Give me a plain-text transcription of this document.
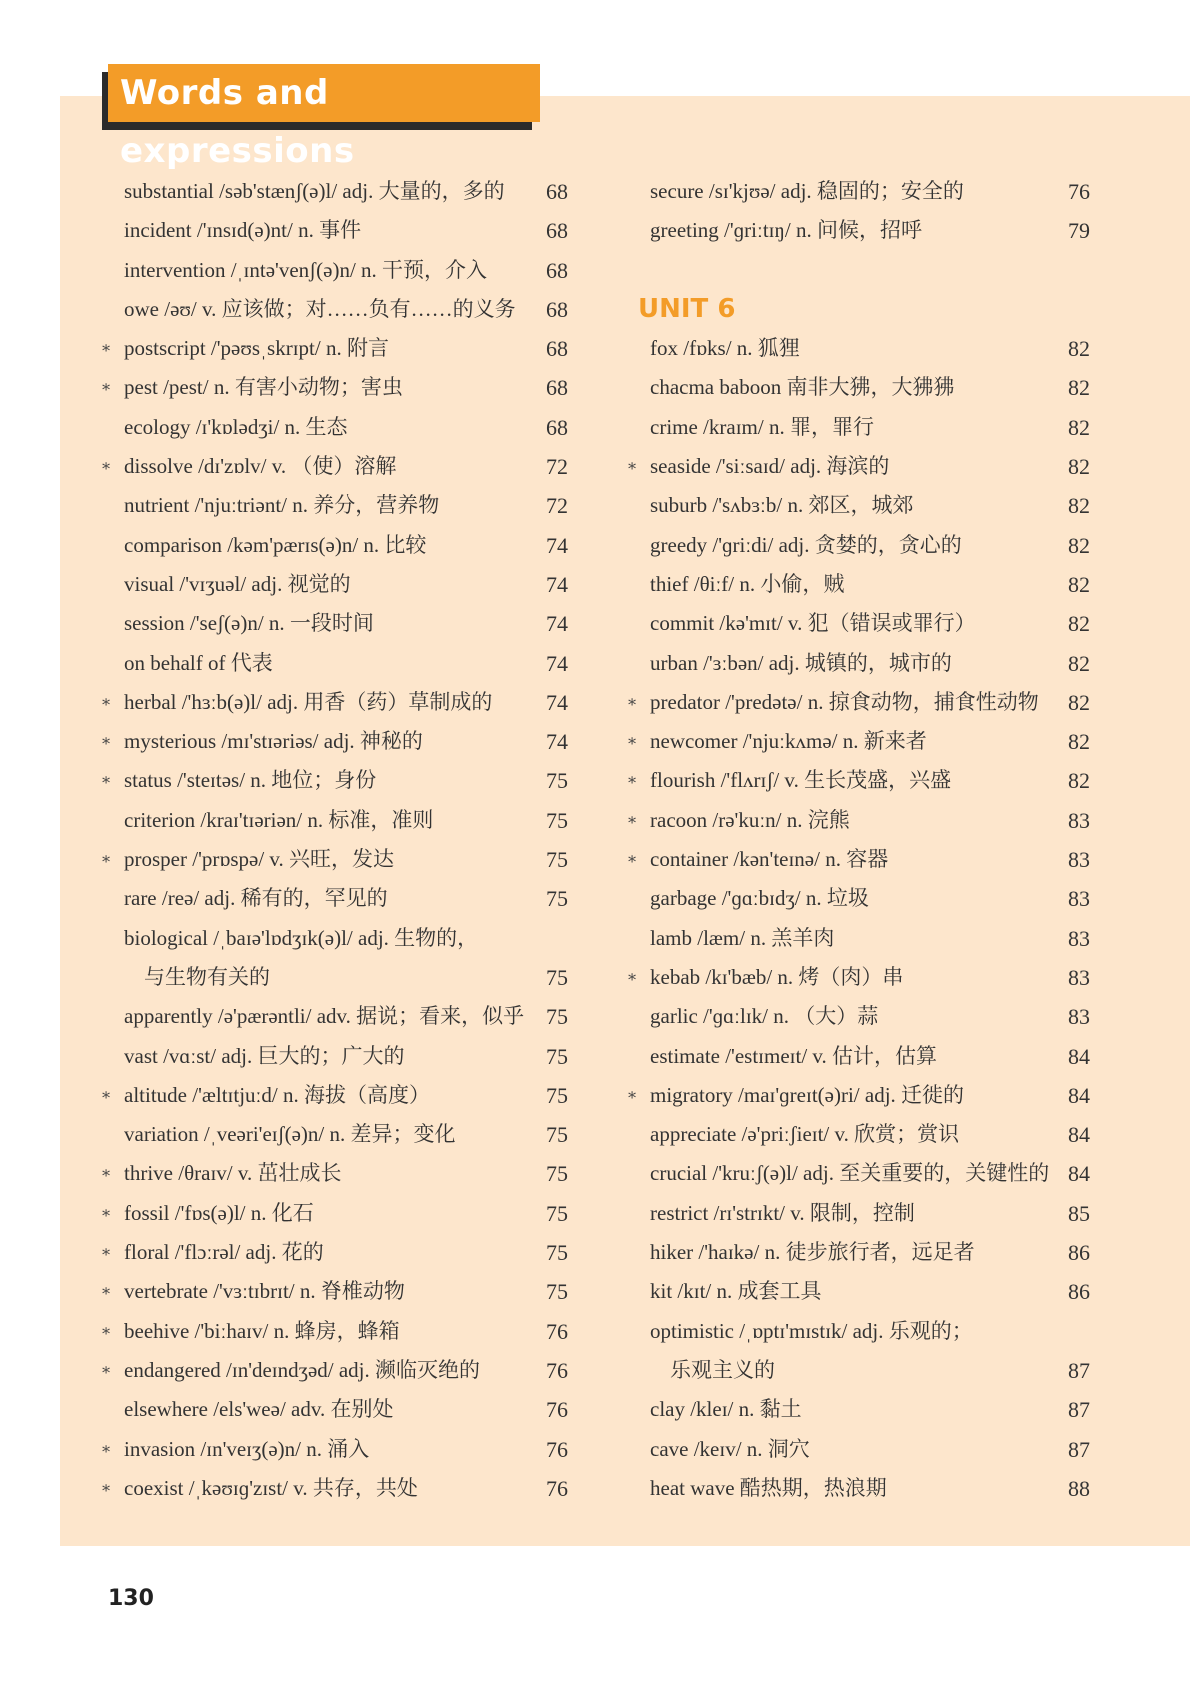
Words and expressions
substantial /səb'stænʃ(ə)l/ adj. 大量的，多的	68
incident /'ɪnsɪd(ə)nt/ n. 事件	68
intervention /ˌɪntə'venʃ(ə)n/ n. 干预，介入	68
owe /əʊ/ v. 应该做；对……负有……的义务	68
∗ postscript /'pəʊsˌskrɪpt/ n. 附言	68
∗ pest /pest/ n. 有害小动物；害虫	68
ecology /ɪ'kɒlədʒi/ n. 生态	68
∗ dissolve /dɪ'zɒlv/ v. （使）溶解	72
nutrient /'njuːtriənt/ n. 养分，营养物	72
comparison /kəm'pærɪs(ə)n/ n. 比较	74
visual /'vɪʒuəl/ adj. 视觉的	74
session /'seʃ(ə)n/ n. 一段时间	74
on behalf of 代表	74
∗ herbal /'hɜːb(ə)l/ adj. 用香（药）草制成的	74
∗ mysterious /mɪ'stɪəriəs/ adj. 神秘的	74
∗ status /'steɪtəs/ n. 地位；身份	75
criterion /kraɪ'tɪəriən/ n. 标准，准则	75
∗ prosper /'prɒspə/ v. 兴旺，发达	75
rare /reə/ adj. 稀有的，罕见的	75
biological /ˌbaɪə'lɒdʒɪk(ə)l/ adj. 生物的，
与生物有关的	75
apparently /ə'pærəntli/ adv. 据说；看来，似乎 75
vast /vɑːst/ adj. 巨大的；广大的	75
∗ altitude /'æltɪtjuːd/ n. 海拔（高度）	75
variation /ˌveəri'eɪʃ(ə)n/ n. 差异；变化	75
∗ thrive /θraɪv/ v. 茁壮成长	75
∗ fossil /'fɒs(ə)l/ n. 化石	75
∗ floral /'flɔːrəl/ adj. 花的	75
∗ vertebrate /'vɜːtɪbrɪt/ n. 脊椎动物	75
∗ beehive /'biːhaɪv/ n. 蜂房，蜂箱	76
∗ endangered /ɪn'deɪndʒəd/ adj. 濒临灭绝的	76
elsewhere /els'weə/ adv. 在别处	76
∗ invasion /ɪn'veɪʒ(ə)n/ n. 涌入	76
∗ coexist /ˌkəʊɪɡ'zɪst/ v. 共存，共处	76
secure /sɪ'kjʊə/ adj. 稳固的；安全的	76
greeting /'ɡriːtɪŋ/ n. 问候，招呼	79
UNIT 6
fox /fɒks/ n. 狐狸	82
chacma baboon 南非大狒，大狒狒	82
crime /kraɪm/ n. 罪，罪行	82
∗ seaside /'siːsaɪd/ adj. 海滨的	82
suburb /'sʌbɜːb/ n. 郊区，城郊	82
greedy /'ɡriːdi/ adj. 贪婪的，贪心的	82
thief /θiːf/ n. 小偷，贼	82
commit /kə'mɪt/ v. 犯（错误或罪行）	82
urban /'ɜːbən/ adj. 城镇的，城市的	82
∗ predator /'predətə/ n. 掠食动物，捕食性动物	82
∗ newcomer /'njuːkʌmə/ n. 新来者	82
∗ flourish /'flʌrɪʃ/ v. 生长茂盛，兴盛	82
∗ racoon /rə'kuːn/ n. 浣熊	83
∗ container /kən'teɪnə/ n. 容器	83
garbage /'ɡɑːbɪdʒ/ n. 垃圾	83
lamb /læm/ n. 羔羊肉	83
∗ kebab /kɪ'bæb/ n. 烤（肉）串	83
garlic /'ɡɑːlɪk/ n. （大）蒜	83
estimate /'estɪmeɪt/ v. 估计，估算	84
∗ migratory /maɪ'ɡreɪt(ə)ri/ adj. 迁徙的	84
appreciate /ə'priːʃieɪt/ v. 欣赏；赏识	84
crucial /'kruːʃ(ə)l/ adj. 至关重要的，关键性的 84
restrict /rɪ'strɪkt/ v. 限制，控制	85
hiker /'haɪkə/ n. 徒步旅行者，远足者	86
kit /kɪt/ n. 成套工具	86
optimistic /ˌɒptɪ'mɪstɪk/ adj. 乐观的；
乐观主义的	87
clay /kleɪ/ n. 黏土	87
cave /keɪv/ n. 洞穴	87
heat wave 酷热期，热浪期	88
130
